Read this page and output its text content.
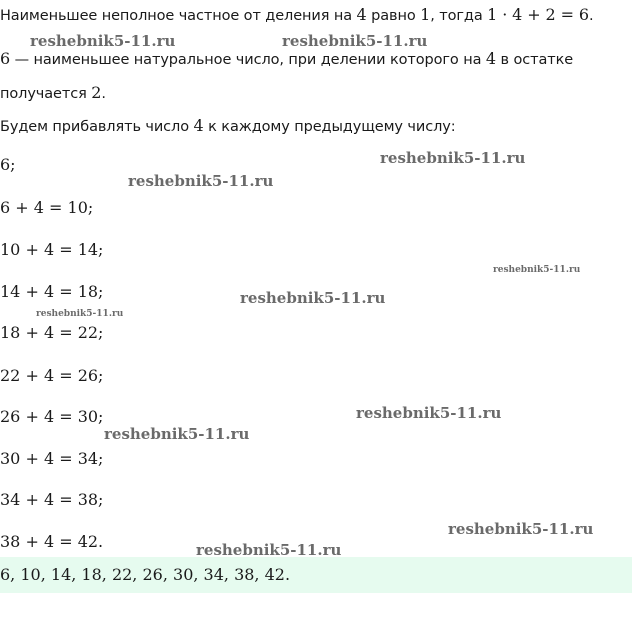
Наименьшее неполное частное от деления на 4 равно 1, тогда 1 · 4 + 2 = 6.
6 — наименьшее натуральное число, при делении которого на 4 в остатке
получается 2.
Будем прибавлять число 4 к каждому предыдущему числу:
6;
6 + 4 = 10;
10 + 4 = 14;
14 + 4 = 18;
18 + 4 = 22;
22 + 4 = 26;
26 + 4 = 30;
30 + 4 = 34;
34 + 4 = 38;
38 + 4 = 42.
6, 10, 14, 18, 22, 26, 30, 34, 38, 42.
reshebnik5-11.ru	reshebnik5-11.ru
reshebnik5-11.ru
reshebnik5-11.ru
reshebnik5-11.ru
reshebnik5-11.ru
reshebnik5-11.ru
reshebnik5-11.ru
reshebnik5-11.ru
reshebnik5-11.ru
reshebnik5-11.ru
